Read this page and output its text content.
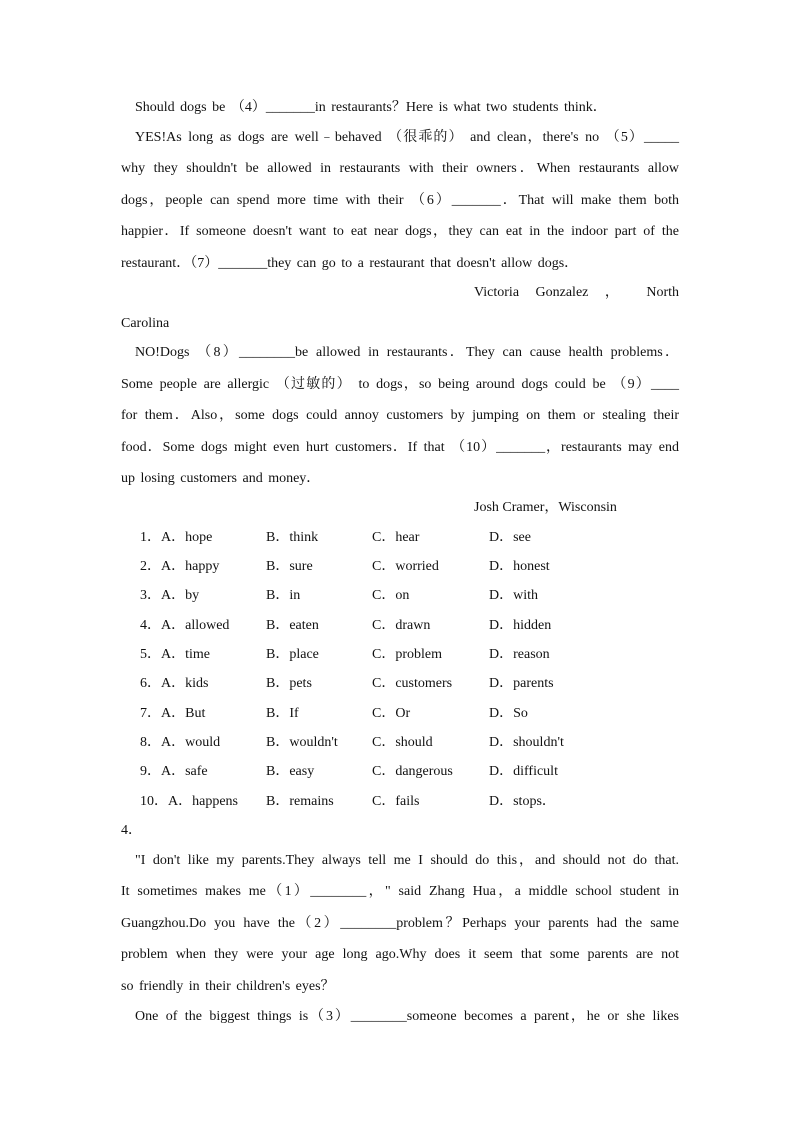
Should dogs be （4）_______in restaurants？Here is what two students think．
YES!As long as dogs are well﹣behaved （很乖的） and clean，there's no （5）_____
why they shouldn't be allowed in restaurants with their owners．When restaurants allow
dogs，people can spend more time with their （6）_______．That will make them both
happier．If someone doesn't want to eat near dogs，they can eat in the indoor part of the
restaurant．（7）_______they can go to a restaurant that doesn't allow dogs．
Victoria Gonzalez ， North
Carolina
NO!Dogs （8）________be allowed in restaurants．They can cause health problems．
Some people are allergic （过敏的） to dogs，so being around dogs could be （9）____
for them．Also，some dogs could annoy customers by jumping on them or stealing their
food．Some dogs might even hurt customers．If that （10）_______，restaurants may end
up losing customers and money．
Josh Cramer，Wisconsin
1． A．hope	B．think	C．hear	D．see
2． A．happy	B．sure	C．worried	D．honest
3． A．by	B．in	C．on	D．with
4． A．allowed	B．eaten	C．drawn	D．hidden
5． A．time	B．place	C．problem	D．reason
6． A．kids	B．pets	C．customers	D．parents
7． A．But	B．If	C．Or	D．So
8． A．would	B．wouldn't C．should	D．shouldn't
9． A．safe	B．easy	C．dangerous	D．difficult
10． A．happens B．remains	C．fails	D．stops．
4．
"I don't like my parents.They always tell me I should do this，and should not do that.
It sometimes makes me（1）________，" said Zhang Hua，a middle school student in
Guangzhou.Do you have the（2）________problem？Perhaps your parents had the same
problem when they were your age long ago.Why does it seem that some parents are not
so friendly in their children's eyes？
One of the biggest things is（3）________someone becomes a parent，he or she likes
